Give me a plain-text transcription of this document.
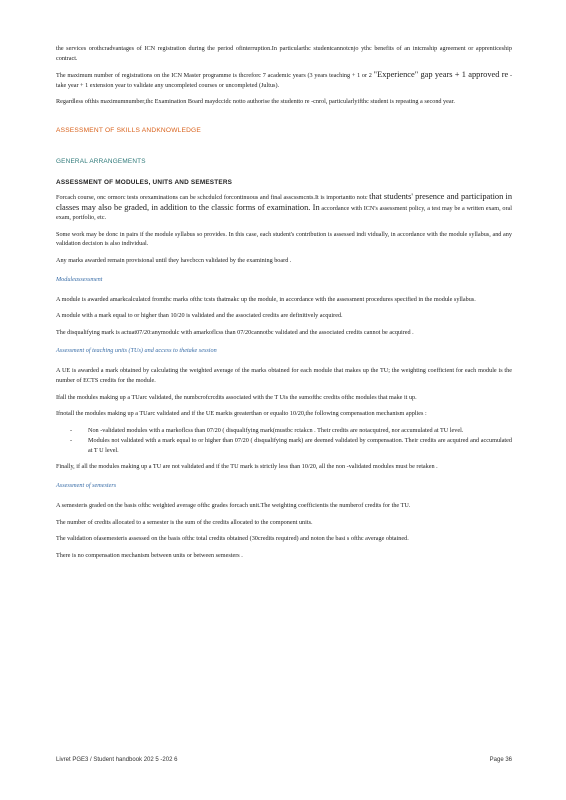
the services orothcradvantages of ICN registration during the period ofinterruption.In particularthc studentcannotcnjo ythc benefits of an intcmship agreement or apprenticeship contract.

The maximum number of registrations on the ICN Master programme is thcreforc 7 academic years (3 years teaching + 1 or 2 "Experience" gap years + 1 approved re -take year + 1 extension year to validate any uncompleted courses or uncompleted (Jultus).

Regardless ofthis maximumnumber,thc Examination Board maydccidc notto authorise the studentto re -cnrol, particularlyifthc student is repeating a second year.

ASSESSMENT OF SKILLS ANDKNOWLEDGE
GENERAL ARRANGEMENTS
ASSESSMENT OF MODULES, UNITS AND SEMESTERS

Forcach course, onc ormorc tests orexaminations can be schcdulcd forcontinuous and final asscssmcnts.It is importantto notc that students' presence and participation in classes may also be graded, in addition to the classic forms of examination. In accordance with ICN's assessment policy, a test may be a written exam, oral exam, portfolio, etc.

Some work may be donc in pairs if the module syllabus so provides. In this case, each student's contribution is assessed indi vidually, in accordance with the module syllabus, and any validation decision is also individual.

Any marks awarded remain provisional until they havcbccn validated by the examining board .

Moduleassessment

A module is awarded amarkcalculatcd fromthc marks ofthc tcsts thatmakc up the module, in accordance with the assessment procedures specified in the module syllabus.

A module with a mark equal to or higher than 10/20 is validated and the associated credits are definitively acquired.

The disqualifying mark is actuat07/20:anymodulc with amarkoflcss than 07/20cannotbc validated and the associated credits cannot be acquired .

Assessment of teaching units (TUs) and access to thetake session

A UE is awarded a mark obtained by calculating the weighted average of the marks obtained for each module that makes up the TU; the weighting coefficient for each module is the number of ECTS credits for the module.

Ifall the modules making up a TUarc validated, the numbcrofcrcdits associated with the T Uis the sumofthc credits ofthc modules that make it up.

Ifnotall the modules making up a TUarc validated and if the UE markis greaterthan or equalto 10/20,the following compensation mechanism applies :

- Non -validated modules with a markoflcss than 07/20 ( disqualifying mark(mustbc rctakcn . Their credits are notacquired, nor accumulated at TU level.
- Modules not validated with a mark equal to or higher than 07/20 ( disqualifying mark) are deemed validated by compensation. Their credits are acquired and accumulated at T U level.

Finally, if all the modules making up a TU are not validated and if the TU mark is strictly less than 10/20, all the non -validated modules must be retaken .

Assessment of semesters

A semesteris graded on the basis ofthc weighted average ofthc grades forcach unit.The weighting coefficientis the numberof credits for the TU.

The number of credits allocated to a semester is the sum of the credits allocated to the component units.

The validation ofasemesteris assessed on the basis ofthc total credits obtained (30credits required) and noton the basi s ofthc average obtained.

There is no compensation mechanism between units or between semesters .

Livret PGE3 / Student handbook 202 5 -202 6	Page 36
